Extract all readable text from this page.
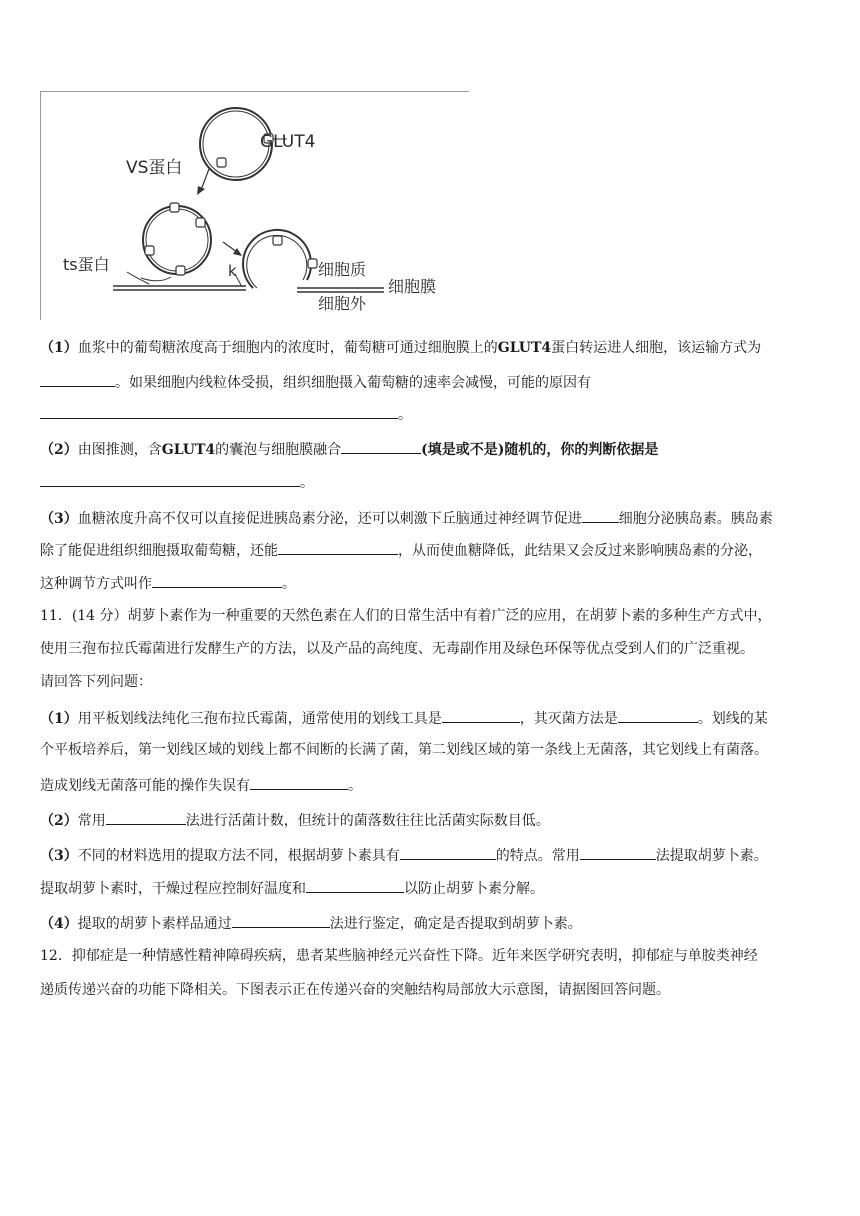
GLUT4
VS蛋白
ts蛋白	k	细胞质
细胞膜
细胞外
（1）血浆中的葡萄糖浓度高于细胞内的浓度时，葡萄糖可通过细胞膜上的GLUT4蛋白转运进人细胞，该运输方式为
。如果细胞内线粒体受损，组织细胞摄入葡萄糖的速率会减慢，可能的原因有
。
（2）由图推测，含GLUT4的囊泡与细胞膜融合	(填是或不是)随机的，你的判断依据是
。
（3）血糖浓度升高不仅可以直接促进胰岛素分泌，还可以刺激下丘脑通过神经调节促进	细胞分泌胰岛素。胰岛素
除了能促进组织细胞摄取葡萄糖，还能	，从而使血糖降低，此结果又会反过来影响胰岛素的分泌，
这种调节方式叫作	。
11．(14 分）胡萝卜素作为一种重要的天然色素在人们的日常生活中有着广泛的应用，在胡萝卜素的多种生产方式中，
使用三孢布拉氏霉菌进行发酵生产的方法，以及产品的高纯度、无毒副作用及绿色环保等优点受到人们的广泛重视。
请回答下列问题：
（1）用平板划线法纯化三孢布拉氏霉菌，通常使用的划线工具是	，其灭菌方法是	。划线的某
个平板培养后，第一划线区域的划线上都不间断的长满了菌，第二划线区域的第一条线上无菌落，其它划线上有菌落。
造成划线无菌落可能的操作失误有	。
（2）常用	法进行活菌计数，但统计的菌落数往往比活菌实际数目低。
（3）不同的材料选用的提取方法不同，根据胡萝卜素具有	的特点。常用	法提取胡萝卜素。
提取胡萝卜素时，干燥过程应控制好温度和	以防止胡萝卜素分解。
（4）提取的胡萝卜素样品通过	法进行鉴定，确定是否提取到胡萝卜素。
12．抑郁症是一种情感性精神障碍疾病，患者某些脑神经元兴奋性下降。近年来医学研究表明，抑郁症与单胺类神经
递质传递兴奋的功能下降相关。下图表示正在传递兴奋的突触结构局部放大示意图，请据图回答问题。
